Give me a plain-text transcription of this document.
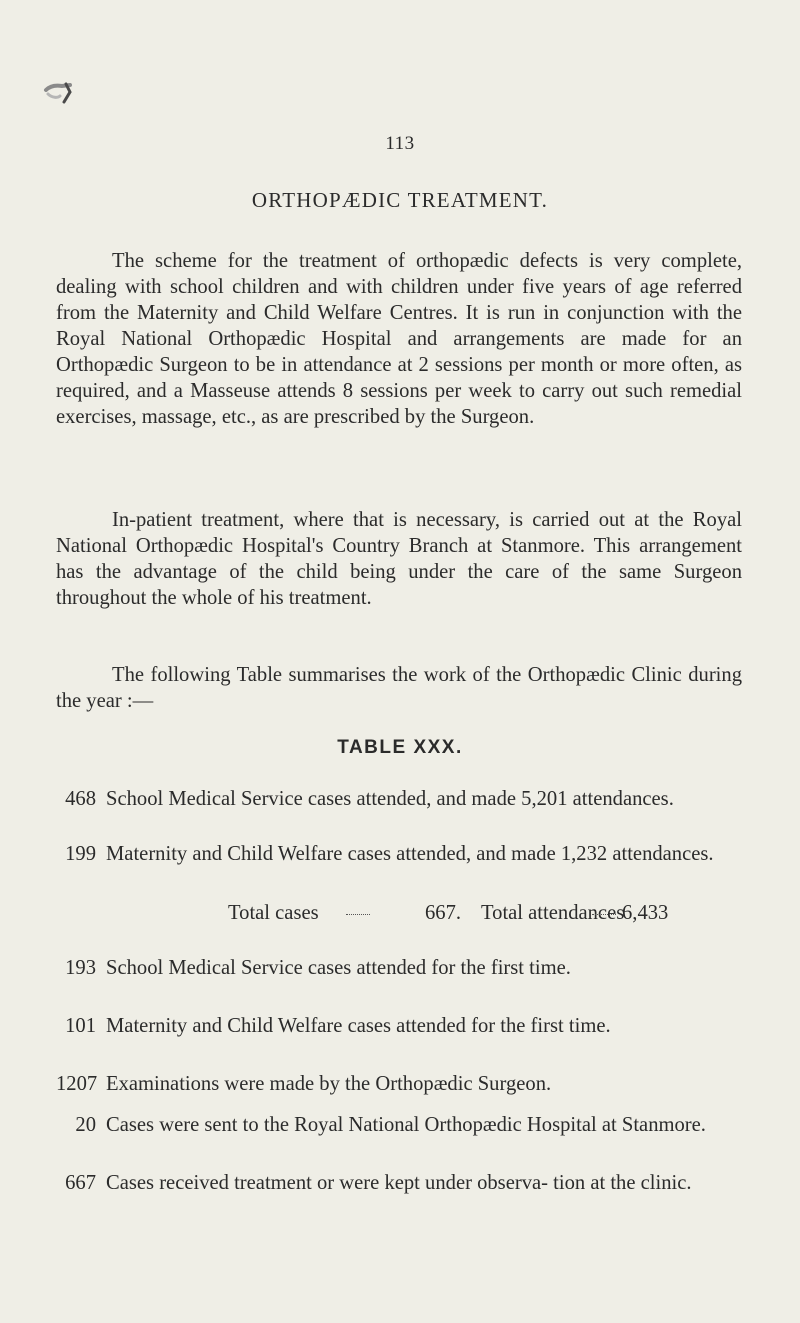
113
ORTHOPÆDIC TREATMENT.
The scheme for the treatment of orthopædic defects is very complete, dealing with school children and with children under five years of age referred from the Maternity and Child Welfare Centres. It is run in conjunction with the Royal National Orthopædic Hospital and arrangements are made for an Orthopædic Surgeon to be in attendance at 2 sessions per month or more often, as required, and a Masseuse attends 8 sessions per week to carry out such remedial exercises, massage, etc., as are prescribed by the Surgeon.
In-patient treatment, where that is necessary, is carried out at the Royal National Orthopædic Hospital's Country Branch at Stanmore. This arrangement has the advantage of the child being under the care of the same Surgeon throughout the whole of his treatment.
The following Table summarises the work of the Orthopædic Clinic during the year :—
TABLE XXX.
468 School Medical Service cases attended, and made 5,201 attendances.
199 Maternity and Child Welfare cases attended, and made 1,232 attendances.
Total cases	667. Total attendances
6,433
193 School Medical Service cases attended for the first time.
101 Maternity and Child Welfare cases attended for the first time.
1207 Examinations were made by the Orthopædic Surgeon.
20 Cases were sent to the Royal National Orthopædic Hospital at Stanmore.
667 Cases received treatment or were kept under observa- tion at the clinic.
